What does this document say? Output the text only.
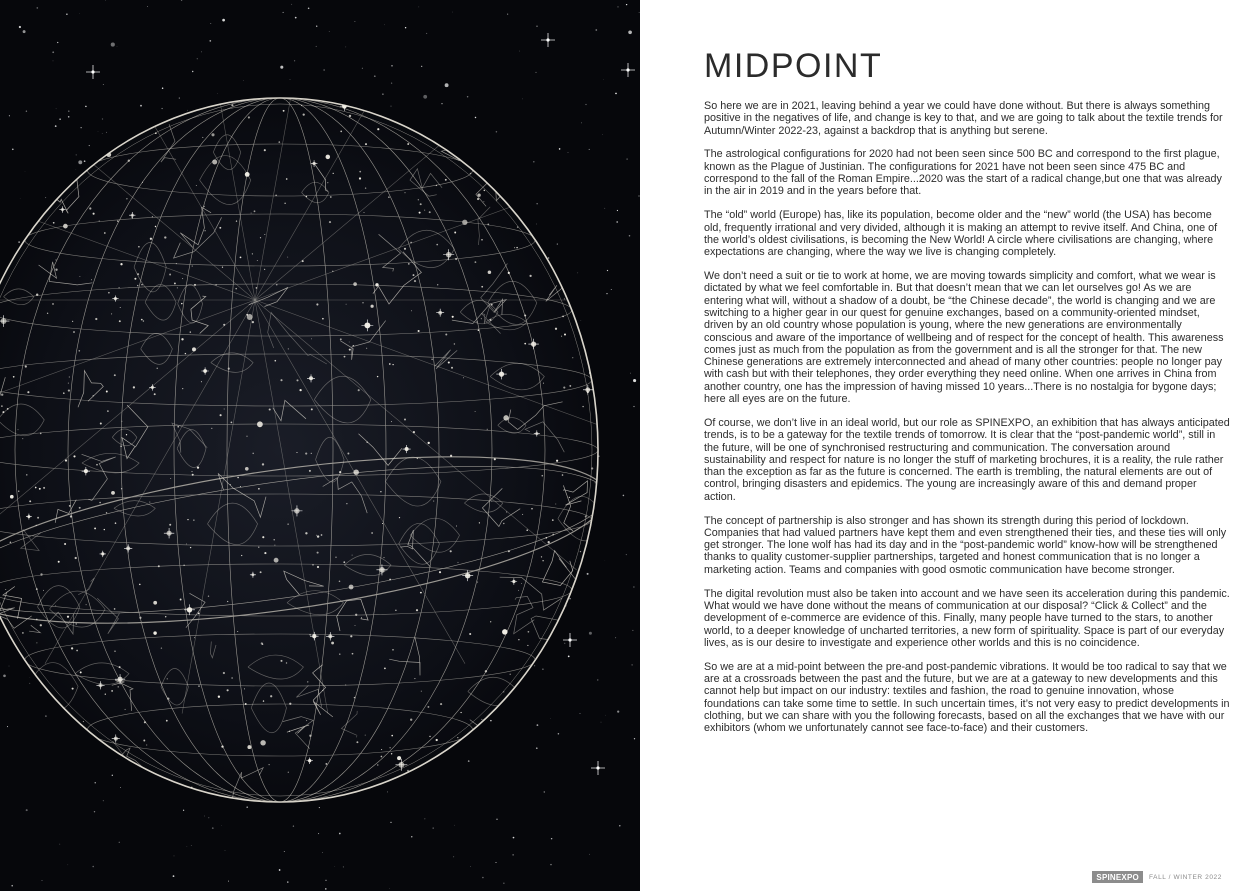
MIDPOINT

So here we are in 2021, leaving behind a year we could have done without. But there is always something positive in the negatives of life, and change is key to that, and we are going to talk about the textile trends for Autumn/Winter 2022-23, against a backdrop that is anything but serene.

The astrological configurations for 2020 had not been seen since 500 BC and correspond to the first plague, known as the Plague of Justinian. The configurations for 2021 have not been seen since 475 BC and correspond to the fall of the Roman Empire...2020 was the start of a radical change,but one that was already in the air in 2019 and in the years before that.

The “old” world (Europe) has, like its population, become older and the “new” world (the USA) has become old, frequently irrational and very divided, although it is making an attempt to revive itself. And China, one of the world’s oldest civilisations, is becoming the New World! A circle where civilisations are changing, where expectations are changing, where the way we live is changing completely.

We don’t need a suit or tie to work at home, we are moving towards simplicity and comfort, what we wear is dictated by what we feel comfortable in. But that doesn’t mean that we can let ourselves go! As we are entering what will, without a shadow of a doubt, be “the Chinese decade”, the world is changing and we are switching to a higher gear in our quest for genuine exchanges, based on a community-oriented mindset, driven by an old country whose population is young, where the new generations are environmentally conscious and aware of the importance of wellbeing and of respect for the concept of health. This awareness comes just as much from the population as from the government and is all the stronger for that. The new Chinese generations are extremely interconnected and ahead of many other countries: people no longer pay with cash but with their telephones, they order everything they need online. When one arrives in China from another country, one has the impression of having missed 10 years...There is no nostalgia for bygone days; here all eyes are on the future.

Of course, we don’t live in an ideal world, but our role as SPINEXPO, an exhibition that has always anticipated trends, is to be a gateway for the textile trends of tomorrow. It is clear that the “post-pandemic world”, still in the future, will be one of synchronised restructuring and communication. The conversation around sustainability and respect for nature is no longer the stuff of marketing brochures, it is a reality, the rule rather than the exception as far as the future is concerned. The earth is trembling, the natural elements are out of control, bringing disasters and epidemics. The young are increasingly aware of this and demand proper action.

The concept of partnership is also stronger and has shown its strength during this period of lockdown. Companies that had valued partners have kept them and even strengthened their ties, and these ties will only get stronger. The lone wolf has had its day and in the “post-pandemic world” know-how will be strengthened thanks to quality customer-supplier partnerships, targeted and honest communication that is no longer a marketing action. Teams and companies with good osmotic communication have become stronger.

The digital revolution must also be taken into account and we have seen its acceleration during this pandemic. What would we have done without the means of communication at our disposal? “Click & Collect” and the development of e-commerce are evidence of this. Finally, many people have turned to the stars, to another world, to a deeper knowledge of uncharted territories, a new form of spirituality. Space is part of our everyday lives, as is our desire to investigate and experience other worlds and this is no coincidence.

So we are at a mid-point between the pre-and post-pandemic vibrations. It would be too radical to say that we are at a crossroads between the past and the future, but we are at a gateway to new developments and this cannot help but impact on our industry: textiles and fashion, the road to genuine innovation, whose foundations can take some time to settle. In such uncertain times, it’s not very easy to predict developments in clothing, but we can share with you the following forecasts, based on all the exchanges that we have with our exhibitors (whom we unfortunately cannot see face-to-face) and their customers.

SPINEXPO	FALL / WINTER 2022
